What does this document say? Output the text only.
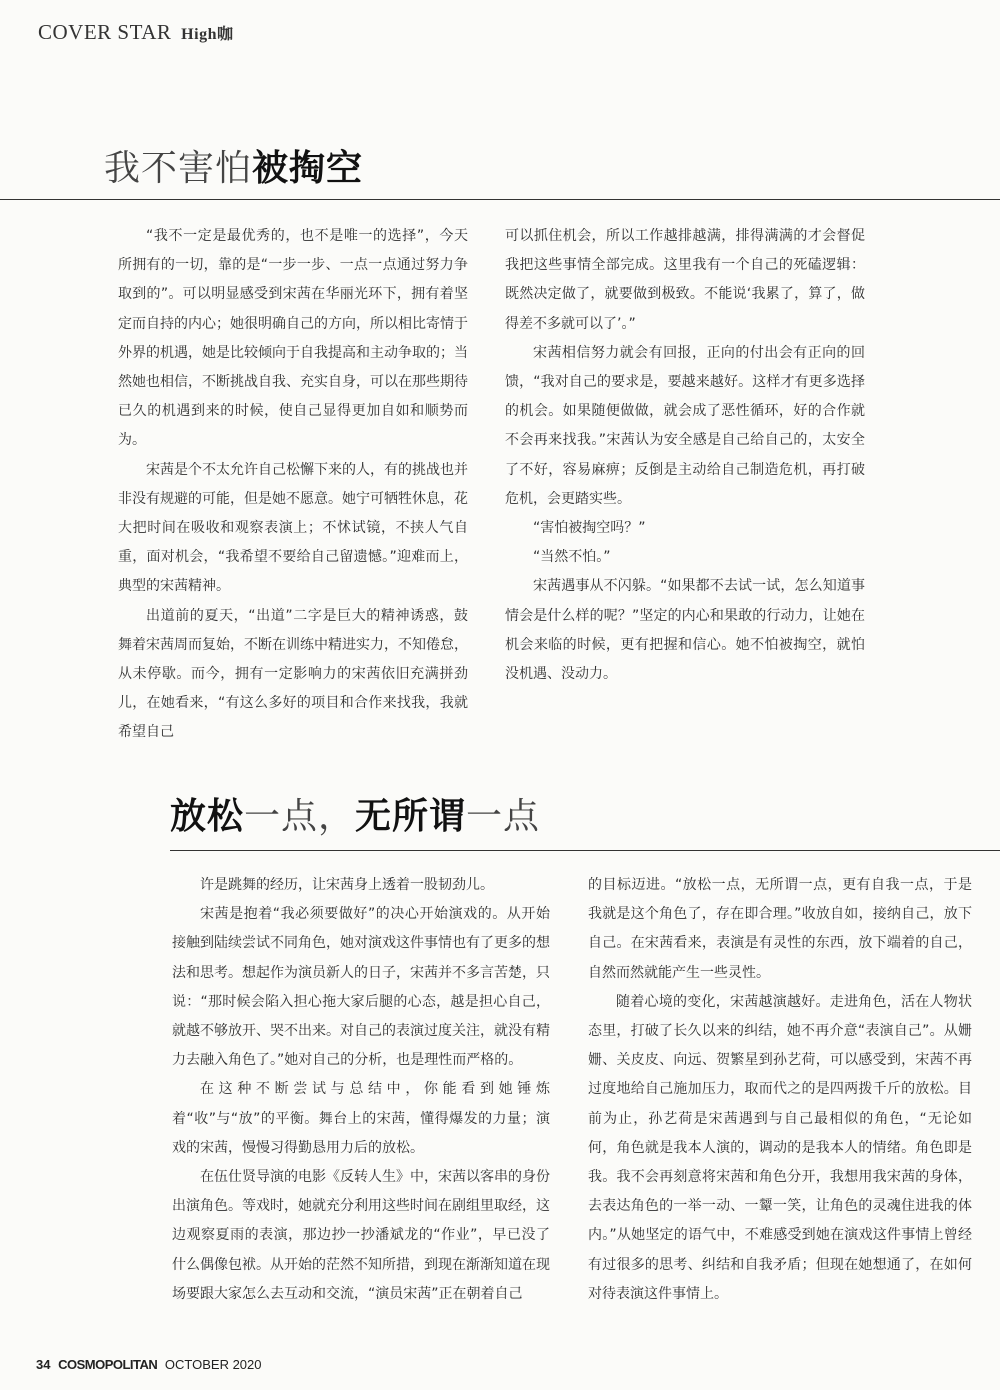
COVER STAR High咖
我不害怕被掏空

“我不一定是最优秀的，也不是唯一的选择”，今天所拥有的一切，靠的是“一步一步、一点一点通过努力争取到的”。可以明显感受到宋茜在华丽光环下，拥有着坚定而自持的内心；她很明确自己的方向，所以相比寄情于外界的机遇，她是比较倾向于自我提高和主动争取的；当然她也相信，不断挑战自我、充实自身，可以在那些期待已久的机遇到来的时候，使自己显得更加自如和顺势而为。

宋茜是个不太允许自己松懈下来的人，有的挑战也并非没有规避的可能，但是她不愿意。她宁可牺牲休息，花大把时间在吸收和观察表演上；不怵试镜，不挟人气自重，面对机会，“我希望不要给自己留遗憾。”迎难而上，典型的宋茜精神。

出道前的夏天，“出道”二字是巨大的精神诱惑，鼓舞着宋茜周而复始，不断在训练中精进实力，不知倦怠，从未停歇。而今，拥有一定影响力的宋茜依旧充满拼劲儿，在她看来，“有这么多好的项目和合作来找我，我就希望自己

可以抓住机会，所以工作越排越满，排得满满的才会督促我把这些事情全部完成。这里我有一个自己的死磕逻辑：既然决定做了，就要做到极致。不能说‘我累了，算了，做得差不多就可以了’。”

宋茜相信努力就会有回报，正向的付出会有正向的回馈，“我对自己的要求是，要越来越好。这样才有更多选择的机会。如果随便做做，就会成了恶性循环，好的合作就不会再来找我。”宋茜认为安全感是自己给自己的，太安全了不好，容易麻痹；反倒是主动给自己制造危机，再打破危机，会更踏实些。

“害怕被掏空吗？”

“当然不怕。”

宋茜遇事从不闪躲。“如果都不去试一试，怎么知道事情会是什么样的呢？”坚定的内心和果敢的行动力，让她在机会来临的时候，更有把握和信心。她不怕被掏空，就怕没机遇、没动力。

放松一点，无所谓一点

许是跳舞的经历，让宋茜身上透着一股韧劲儿。

宋茜是抱着“我必须要做好”的决心开始演戏的。从开始接触到陆续尝试不同角色，她对演戏这件事情也有了更多的想法和思考。想起作为演员新人的日子，宋茜并不多言苦楚，只说：“那时候会陷入担心拖大家后腿的心态，越是担心自己，就越不够放开、哭不出来。对自己的表演过度关注，就没有精力去融入角色了。”她对自己的分析，也是理性而严格的。

在这种不断尝试与总结中，你能看到她锤炼着“收”与“放”的平衡。舞台上的宋茜，懂得爆发的力量；演戏的宋茜，慢慢习得勤恳用力后的放松。

在伍仕贤导演的电影《反转人生》中，宋茜以客串的身份出演角色。等戏时，她就充分利用这些时间在剧组里取经，这边观察夏雨的表演，那边抄一抄潘斌龙的“作业”，早已没了什么偶像包袱。从开始的茫然不知所措，到现在渐渐知道在现场要跟大家怎么去互动和交流，“演员宋茜”正在朝着自己

的目标迈进。“放松一点，无所谓一点，更有自我一点，于是我就是这个角色了，存在即合理。”收放自如，接纳自己，放下自己。在宋茜看来，表演是有灵性的东西，放下端着的自己，自然而然就能产生一些灵性。

随着心境的变化，宋茜越演越好。走进角色，活在人物状态里，打破了长久以来的纠结，她不再介意“表演自己”。从姗姗、关皮皮、向远、贺繁星到孙艺荷，可以感受到，宋茜不再过度地给自己施加压力，取而代之的是四两拨千斤的放松。目前为止，孙艺荷是宋茜遇到与自己最相似的角色，“无论如何，角色就是我本人演的，调动的是我本人的情绪。角色即是我。我不会再刻意将宋茜和角色分开，我想用我宋茜的身体，去表达角色的一举一动、一颦一笑，让角色的灵魂住进我的体内。”从她坚定的语气中，不难感受到她在演戏这件事情上曾经有过很多的思考、纠结和自我矛盾；但现在她想通了，在如何对待表演这件事情上。

34 COSMOPOLITAN OCTOBER 2020
